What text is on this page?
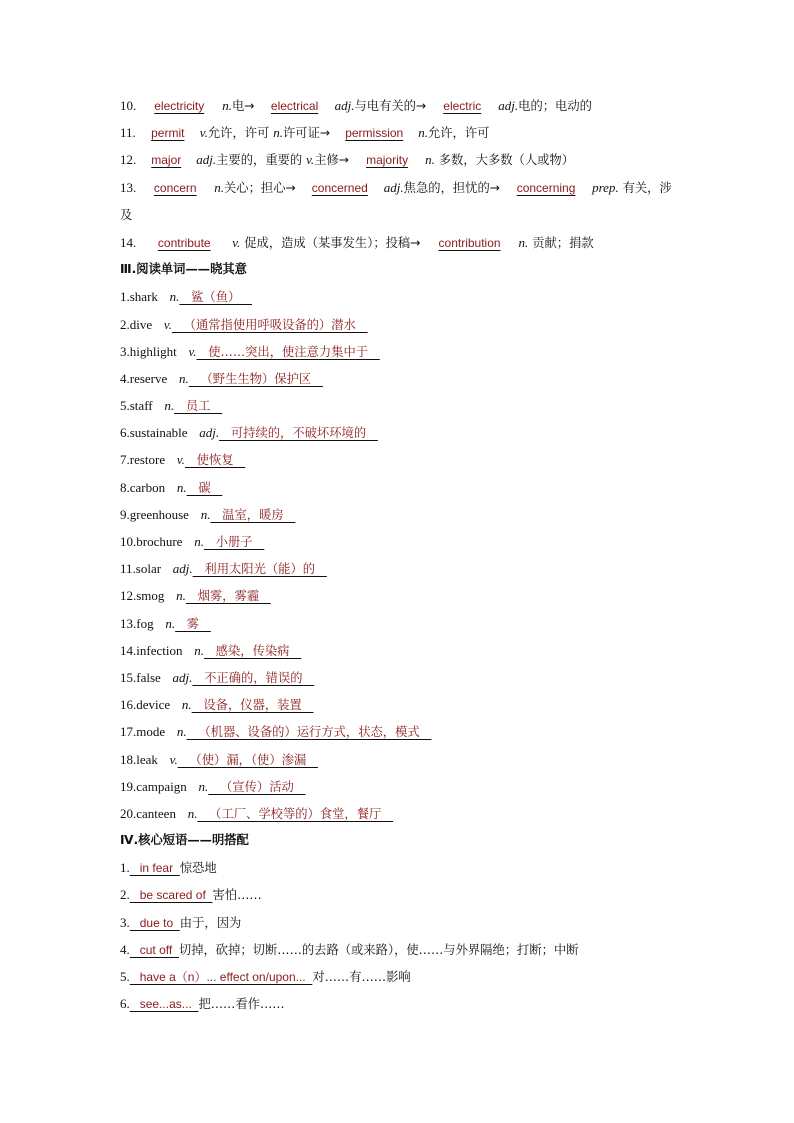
10. electricity n.电→ electrical adj.与电有关的→ electric adj.电的；电动的
11. permit v.允许，许可 n.许可证→ permission n.允许，许可
12. major adj.主要的，重要的 v.主修→ majority n. 多数，大多数（人或物）
13. concern n.关心；担心→ concerned adj.焦急的，担忧的→ concerning prep. 有关，涉及
14. contribute v. 促成，造成（某事发生）；投稿→ contribution n. 贡献；捐款
Ⅲ.阅读单词——晓其意
1.shark n.   鲨（鱼）
2.dive v.   （通常指使用呼吸设备的）潜水
3.highlight v.   使……突出，使注意力集中于
4.reserve n.   （野生生物）保护区
5.staff n.   员工
6.sustainable adj.   可持续的，不破坏环境的
7.restore v.   使恢复
8.carbon n.   碳
9.greenhouse n.   温室，暖房
10.brochure n.   小册子
11.solar adj.   利用太阳光（能）的
12.smog n.   烟雾，雾霾
13.fog n.   雾
14.infection n.   感染，传染病
15.false adj.   不正确的，错误的
16.device n.   设备，仪器，装置
17.mode n.   （机器、设备的）运行方式，状态，模式
18.leak v.   （使）漏，（使）渗漏
19.campaign n.   （宣传）活动
20.canteen n.   （工厂、学校等的）食堂，餐厅
Ⅳ.核心短语——明搭配
1.   in fear  惊恐地
2.   be scared of  害怕……
3.   due to  由于，因为
4.   cut off  切掉，砍掉；切断……的去路（或来路），使……与外界隔绝；打断；中断
5.   have a（n）... effect on/upon...  对……有……影响
6.   see...as...  把……看作……
